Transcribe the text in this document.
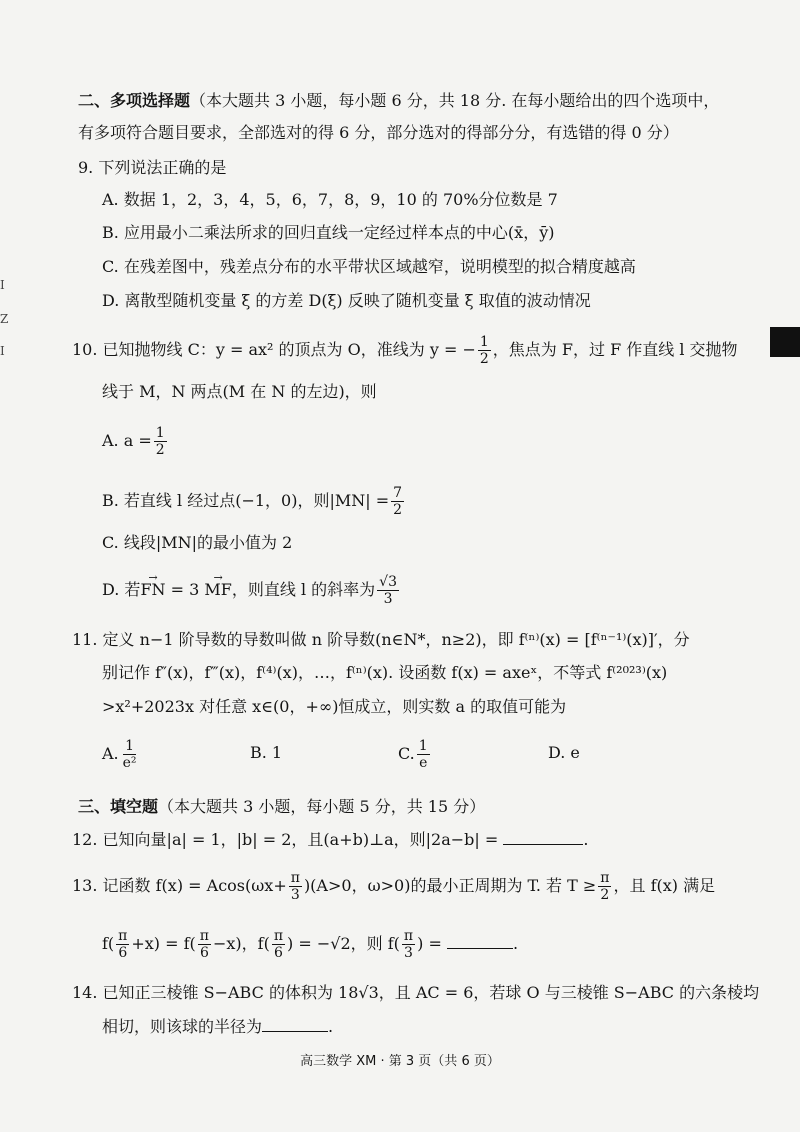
二、多项选择题（本大题共 3 小题，每小题 6 分，共 18 分. 在每小题给出的四个选项中，
有多项符合题目要求，全部选对的得 6 分，部分选对的得部分分，有选错的得 0 分）
9. 下列说法正确的是
A. 数据 1，2，3，4，5，6，7，8，9，10 的 70%分位数是 7
B. 应用最小二乘法所求的回归直线一定经过样本点的中心(x̄，ȳ)
C. 在残差图中，残差点分布的水平带状区域越窄，说明模型的拟合精度越高
D. 离散型随机变量 ξ 的方差 D(ξ) 反映了随机变量 ξ 取值的波动情况
10. 已知抛物线 C：y = ax² 的顶点为 O，准线为 y = − $\frac{1}{2}$ ，焦点为 F，过 F 作直线 l 交抛物
线于 M，N 两点(M 在 N 的左边)，则
A. $a = \frac{1}{2}$
B. 若直线 l 经过点(−1，0)，则$|MN| = \frac{7}{2}$
C. 线段|MN|的最小值为 2
D. 若→ FN = 3 → MF，则直线 l 的斜率为 $\frac{√3}{3}$
11. 定义 n−1 阶导数的导数叫做 n 阶导数(n∈N*，n≥2)，即 f⁽ⁿ⁾(x) = [f⁽ⁿ⁻¹⁾(x)]′，分
别记作 f″(x)，f‴(x)，f⁽⁴⁾(x)，…，f⁽ⁿ⁾(x). 设函数 f(x) = axeˣ，不等式 f⁽²⁰²³⁾(x)
>x²+2023x 对任意 x∈(0，+∞)恒成立，则实数 a 的取值可能为
A. $\frac{1}{\text{e²}}$	B. 1	C. $\frac{1}{e}$	D. e
三、填空题（本大题共 3 小题，每小题 5 分，共 15 分）
12. 已知向量|a| = 1，|b| = 2，且(a+b)⊥a，则|2a−b| =	.
13. 记函数 $f(x) = Acos(\omega x+ \frac{\pi}{3} )(A>0$，ω>0)的最小正周期为 T. 若 $T \ge \frac{\pi}{2}$ ，且 f(x) 满足
$f( \frac{\pi}{6} +x) = f( \frac{\pi}{6} -x)$，$f( \frac{\pi}{6}$ ) = −√2，则 $f( \frac{\pi}{3}$ ) =	.
14. 已知正三棱锥 S−ABC 的体积为 18√3，且 AC = 6，若球 O 与三棱锥 S−ABC 的六条棱均
相切，则该球的半径为	.
高三数学 XM · 第 3 页（共 6 页）
I
Z
I
